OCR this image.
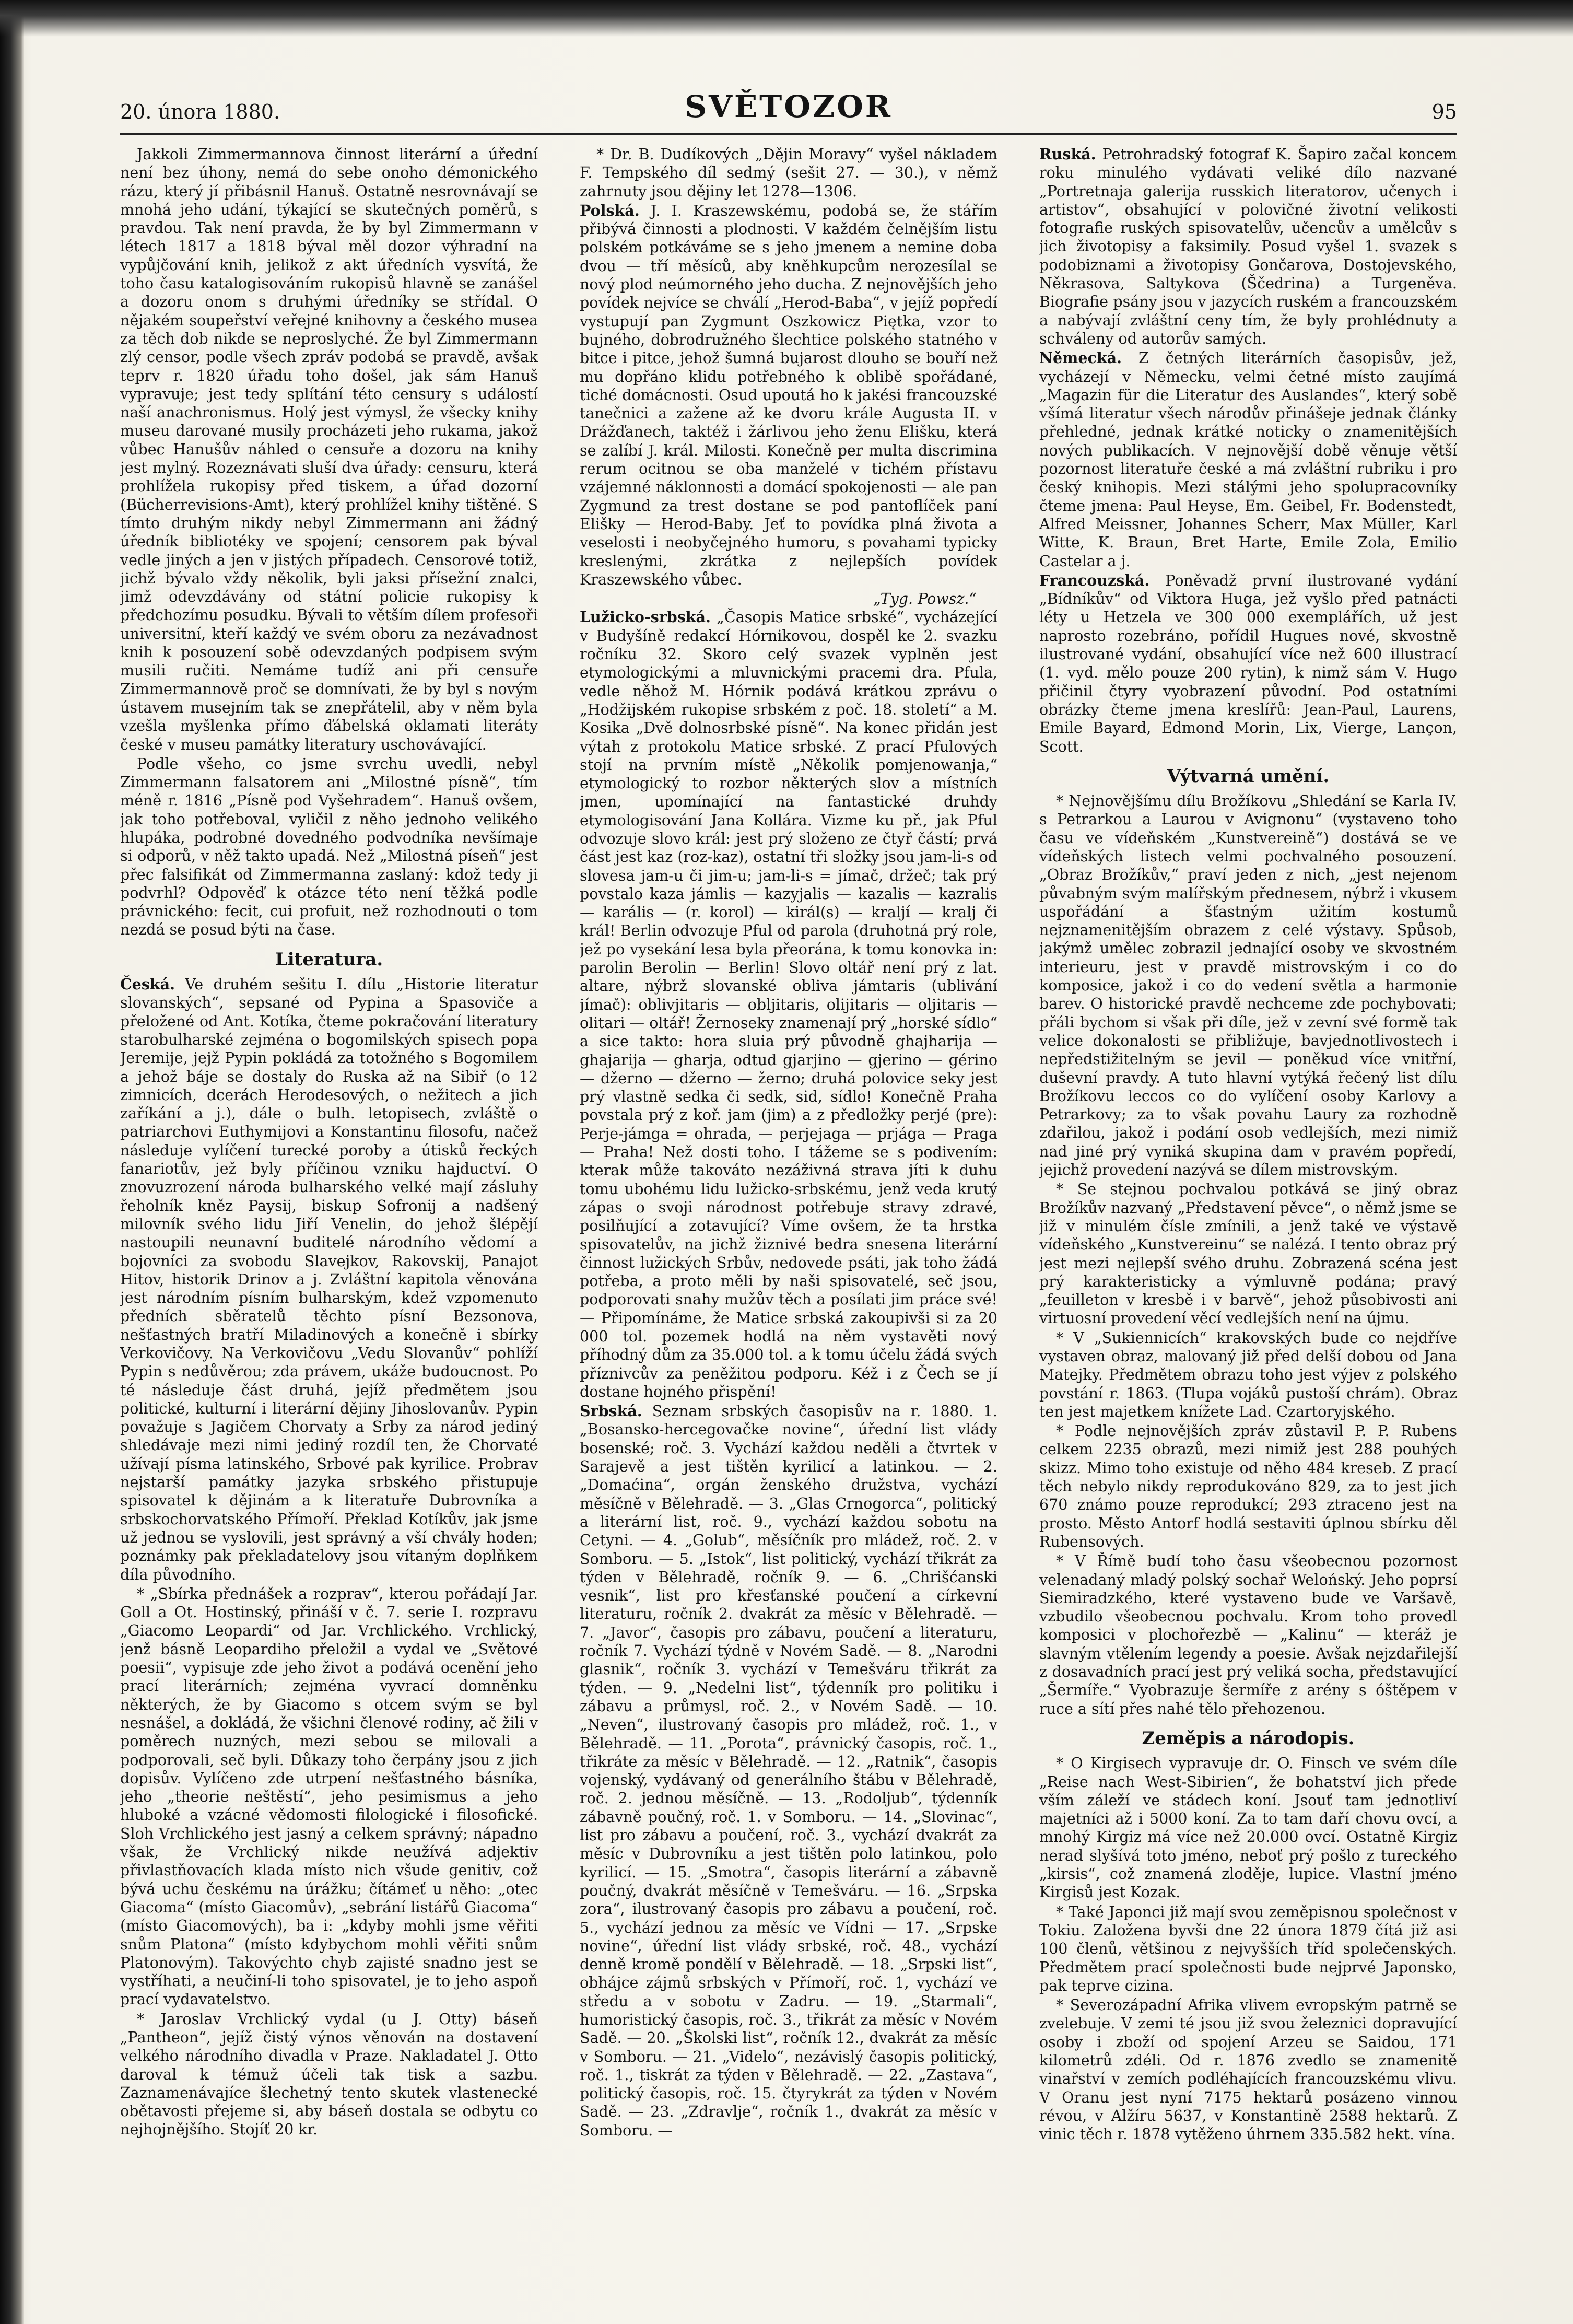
20. února 1880.	SVĚTOZOR	95

Jakkoli Zimmermannova činnost literární a úřední není bez úhony, nemá do sebe onoho démonického rázu, který jí přibásnil Hanuš. Ostatně nesrovnávají se mnohá jeho udání, týkající se skutečných poměrů, s pravdou. Tak není pravda, že by byl Zimmermann v létech 1817 a 1818 býval měl dozor výhradní na vypůjčování knih, jelikož z akt úředních vysvítá, že toho času katalogisováním rukopisů hlavně se zanášel a dozoru onom s druhými úředníky se střídal. O nějakém soupeřství veřejné knihovny a českého musea za těch dob nikde se neproslyché. Že byl Zimmermann zlý censor, podle všech zpráv podobá se pravdě, avšak teprv r. 1820 úřadu toho došel, jak sám Hanuš vypravuje; jest tedy splítání této censury s událostí naší anachronismus. Holý jest výmysl, že všecky knihy museu darované musily procházeti jeho rukama, jakož vůbec Hanušův náhled o censuře a dozoru na knihy jest mylný. Rozeznávati sluší dva úřady: censuru, která prohlížela rukopisy před tiskem, a úřad dozorní (Bücherrevisions-Amt), který prohlížel knihy tištěné. S tímto druhým nikdy nebyl Zimmermann ani žádný úředník bibliotéky ve spojení; censorem pak býval vedle jiných a jen v jistých případech. Censorové totiž, jichž bývalo vždy několik, byli jaksi přísežní znalci, jimž odevzdávány od státní policie rukopisy k předchozímu posudku. Bývali to větším dílem profesoři universitní, kteří každý ve svém oboru za nezávadnost knih k posouzení sobě odevzdaných podpisem svým musili ručiti. Nemáme tudíž ani při censuře Zimmermannově proč se domnívati, že by byl s novým ústavem musejním tak se znepřátelil, aby v něm byla vzešla myšlenka přímo ďábelská oklamati literáty české v museu památky literatury uschovávající.

Podle všeho, co jsme svrchu uvedli, nebyl Zimmermann falsatorem ani „Milostné písně“, tím méně r. 1816 „Písně pod Vyšehradem“. Hanuš ovšem, jak toho potřeboval, vyličil z něho jednoho velikého hlupáka, podrobné dovedného podvodníka nevšímaje si odporů, v něž takto upadá. Než „Milostná píseň“ jest přec falsifikát od Zimmermanna zaslaný: kdož tedy ji podvrhl? Odpověď k otázce této není těžká podle právnického: fecit, cui profuit, než rozhodnouti o tom nezdá se posud býti na čase.

Literatura.

Česká. Ve druhém sešitu I. dílu „Historie literatur slovanských“, sepsané od Pypina a Spasoviče a přeložené od Ant. Kotíka, čteme pokračování literatury starobulharské zejména o bogomilských spisech popa Jeremije, jejž Pypin pokládá za totožného s Bogomilem a jehož báje se dostaly do Ruska až na Sibiř (o 12 zimnicích, dcerách Herodesových, o nežitech a jich zaříkání a j.), dále o bulh. letopisech, zvláště o patriarchovi Euthymijovi a Konstantinu filosofu, načež následuje vylíčení turecké poroby a útisků řeckých fanariotův, jež byly příčinou vzniku hajductví. O znovuzrození národa bulharského velké mají zásluhy řeholník kněz Paysij, biskup Sofronij a nadšený milovník svého lidu Jiří Venelin, do jehož šlépějí nastoupili neunavní buditelé národního vědomí a bojovníci za svobodu Slavejkov, Rakovskij, Panajot Hitov, historik Drinov a j. Zvláštní kapitola věnována jest národním písním bulharským, kdež vzpomenuto předních sběratelů těchto písní Bezsonova, nešťastných bratří Miladinových a konečně i sbírky Verkovičovy. Na Verkovičovu „Vedu Slovanův“ pohlíží Pypin s nedůvěrou; zda právem, ukáže budoucnost. Po té následuje část druhá, jejíž předmětem jsou politické, kulturní i literární dějiny Jihoslovanův. Pypin považuje s Jagičem Chorvaty a Srby za národ jediný shledávaje mezi nimi jediný rozdíl ten, že Chorvaté užívají písma latinského, Srbové pak kyrilice. Probrav nejstarší památky jazyka srbského přistupuje spisovatel k dějinám a k literatuře Dubrovníka a srbskochorvatského Přímoří. Překlad Kotíkův, jak jsme už jednou se vyslovili, jest správný a vší chvály hoden; poznámky pak překladatelovy jsou vítaným doplňkem díla původního.

* „Sbírka přednášek a rozprav“, kterou pořádají Jar. Goll a Ot. Hostinský, přináší v č. 7. serie I. rozpravu „Giacomo Leopardi“ od Jar. Vrchlického. Vrchlický, jenž básně Leopardiho přeložil a vydal ve „Světové poesii“, vypisuje zde jeho život a podává ocenění jeho prací literárních; zejména vyvrací domněnku některých, že by Giacomo s otcem svým se byl nesnášel, a dokládá, že všichni členové rodiny, ač žili v poměrech nuzných, mezi sebou se milovali a podporovali, seč byli. Důkazy toho čerpány jsou z jich dopisův. Vylíčeno zde utrpení nešťastného básníka, jeho „theorie neštěstí“, jeho pesimismus a jeho hluboké a vzácné vědomosti filologické i filosofické. Sloh Vrchlického jest jasný a celkem správný; nápadno však, že Vrchlický nikde neužívá adjektiv přivlastňovacích klada místo nich všude genitiv, což bývá uchu českému na úrážku; čítámeť u něho: „otec Giacoma“ (místo Giacomův), „sebrání listářů Giacoma“ (místo Giacomových), ba i: „kdyby mohli jsme věřiti snům Platona“ (místo kdybychom mohli věřiti snům Platonovým). Takovýchto chyb zajisté snadno jest se vystříhati, a neučiní-li toho spisovatel, je to jeho aspoň prací vydavatelstvo.

* Jaroslav Vrchlický vydal (u J. Otty) báseň „Pantheon“, jejíž čistý výnos věnován na dostavení velkého národního divadla v Praze. Nakladatel J. Otto daroval k témuž účeli tak tisk a sazbu. Zaznamenávajíce šlechetný tento skutek vlastenecké obětavosti přejeme si, aby báseň dostala se odbytu co nejhojnějšího. Stojíť 20 kr.

* Dr. B. Dudíkových „Dějin Moravy“ vyšel nákladem F. Tempského díl sedmý (sešit 27. — 30.), v němž zahrnuty jsou dějiny let 1278—1306.

Polská. J. I. Kraszewskému, podobá se, že stářím přibývá činnosti a plodnosti. V každém čelnějším listu polském potkáváme se s jeho jmenem a nemine doba dvou — tří měsíců, aby kněhkupcům nerozesílal se nový plod neúmorného jeho ducha. Z nejnovějších jeho povídek nejvíce se chválí „Herod-Baba“, v jejíž popředí vystupují pan Zygmunt Oszkowicz Piętka, vzor to bujného, dobrodružného šlechtice polského statného v bitce i pitce, jehož šumná bujarost dlouho se bouří než mu dopřáno klidu potřebného k oblibě spořádané, tiché domácnosti. Osud upoutá ho k jakési francouzské tanečnici a zažene až ke dvoru krále Augusta II. v Drážďanech, taktéž i žárlivou jeho ženu Elišku, která se zalíbí J. král. Milosti. Konečně per multa discrimina rerum ocitnou se oba manželé v tichém přístavu vzájemné náklonnosti a domácí spokojenosti — ale pan Zygmund za trest dostane se pod pantoflíček paní Elišky — Herod-Baby. Jeť to povídka plná života a veselosti i neobyčejného humoru, s povahami typicky kreslenými, zkrátka z nejlepších povídek Kraszewského vůbec.

„Tyg. Powsz.“

Lužicko-srbská. „Časopis Matice srbské“, vycházející v Budyšíně redakcí Hórnikovou, dospěl ke 2. svazku ročníku 32. Skoro celý svazek vyplněn jest etymologickými a mluvnickými pracemi dra. Pfula, vedle něhož M. Hórnik podává krátkou zprávu o „Hodžijském rukopise srbském z poč. 18. století“ a M. Kosika „Dvě dolnosrbské písně“. Na konec přidán jest výtah z protokolu Matice srbské. Z prací Pfulových stojí na prvním místě „Několik pomjenowanja,“ etymologický to rozbor některých slov a místních jmen, upomínající na fantastické druhdy etymologisování Jana Kollára. Vizme ku př., jak Pful odvozuje slovo král: jest prý složeno ze čtyř částí; prvá část jest kaz (roz-kaz), ostatní tři složky jsou jam-li-s od slovesa jam-u či jim-u; jam-li-s = jímač, držeč; tak prý povstalo kaza jámlis — kazyjalis — kazalis — kazralis — karális — (r. korol) — királ(s) — kraljí — kralj či král! Berlin odvozuje Pful od parola (druhotná prý role, jež po vysekání lesa byla přeorána, k tomu konovka in: parolin Berolin — Berlin! Slovo oltář není prý z lat. altare, nýbrž slovanské obliva jámtaris (ublivání jímač): oblivjitaris — obljitaris, olijitaris — oljitaris — olitari — oltář! Žernoseky znamenají prý „horské sídlo“ a sice takto: hora sluia prý původně ghajharija — ghajarija — gharja, odtud gjarjino — gjerino — gérino — džerno — džerno — žerno; druhá polovice seky jest prý vlastně sedka či sedk, sid, sídlo! Konečně Praha povstala prý z koř. jam (jim) a z předložky perjé (pre): Perje-jámga = ohrada, — perjejaga — prjága — Praga — Praha! Než dosti toho. I tážeme se s podivením: kterak může takováto nezáživná strava jíti k duhu tomu ubohému lidu lužicko-srbskému, jenž veda krutý zápas o svoji národnost potřebuje stravy zdravé, posilňující a zotavující? Víme ovšem, že ta hrstka spisovatelův, na jichž žiznivé bedra snesena literární činnost lužických Srbův, nedovede psáti, jak toho žádá potřeba, a proto měli by naši spisovatelé, seč jsou, podporovati snahy mužův těch a posílati jim práce své! — Připomínáme, že Matice srbská zakoupivši si za 20 000 tol. pozemek hodlá na něm vystavěti nový příhodný dům za 35.000 tol. a k tomu účelu žádá svých příznivcův za peněžitou podporu. Kéž i z Čech se jí dostane hojného přispění!

Srbská. Seznam srbských časopisův na r. 1880. 1. „Bosansko-hercegovačke novine“, úřední list vlády bosenské; roč. 3. Vychází každou neděli a čtvrtek v Sarajevě a jest tištěn kyrilicí a latinkou. — 2. „Domaćina“, orgán ženského družstva, vychází měsíčně v Bělehradě. — 3. „Glas Crnogorca“, politický a literární list, roč. 9., vychází každou sobotu na Cetyni. — 4. „Golub“, měsíčník pro mládež, roč. 2. v Somboru. — 5. „Istok“, list politický, vychází třikrát za týden v Bělehradě, ročník 9. — 6. „Chrišćanski vesnik“, list pro křesťanské poučení a církevní literaturu, ročník 2. dvakrát za měsíc v Bělehradě. — 7. „Javor“, časopis pro zábavu, poučení a literaturu, ročník 7. Vychází týdně v Novém Sadě. — 8. „Narodni glasnik“, ročník 3. vychází v Temešváru třikrát za týden. — 9. „Nedelni list“, týdenník pro politiku i zábavu a průmysl, roč. 2., v Novém Sadě. — 10. „Neven“, ilustrovaný časopis pro mládež, roč. 1., v Bělehradě. — 11. „Porota“, právnický časopis, roč. 1., třikráte za měsíc v Bělehradě. — 12. „Ratnik“, časopis vojenský, vydávaný od generálního štábu v Bělehradě, roč. 2. jednou měsíčně. — 13. „Rodoljub“, týdenník zábavně poučný, roč. 1. v Somboru. — 14. „Slovinac“, list pro zábavu a poučení, roč. 3., vychází dvakrát za měsíc v Dubrovníku a jest tištěn polo latinkou, polo kyrilicí. — 15. „Smotra“, časopis literární a zábavně poučný, dvakrát měsíčně v Temešváru. — 16. „Srpska zora“, ilustrovaný časopis pro zábavu a poučení, roč. 5., vychází jednou za měsíc ve Vídni — 17. „Srpske novine“, úřední list vlády srbské, roč. 48., vychází denně kromě pondělí v Bělehradě. — 18. „Srpski list“, obhájce zájmů srbských v Přímoří, roč. 1, vychází ve středu a v sobotu v Zadru. — 19. „Starmali“, humoristický časopis, roč. 3., třikrát za měsíc v Novém Sadě. — 20. „Školski list“, ročník 12., dvakrát za měsíc v Somboru. — 21. „Videlo“, nezávislý časopis politický, roč. 1., tiskrát za týden v Bělehradě. — 22. „Zastava“, politický časopis, roč. 15. čtyrykrát za týden v Novém Sadě. — 23. „Zdravlje“, ročník 1., dvakrát za měsíc v Somboru. —

Ruská. Petrohradský fotograf K. Šapiro začal koncem roku minulého vydávati veliké dílo nazvané „Portretnaja galerija russkich literatorov, učenych i artistov“, obsahující v polovičné životní velikosti fotografie ruských spisovatelův, učencův a umělcův s jich životopisy a faksimily. Posud vyšel 1. svazek s podobiznami a životopisy Gončarova, Dostojevského, Někrasova, Saltykova (Ščedrina) a Turgeněva. Biografie psány jsou v jazycích ruském a francouzském a nabývají zvláštní ceny tím, že byly prohlédnuty a schváleny od autorův samých.

Německá. Z četných literárních časopisův, jež, vycházejí v Německu, velmi četné místo zaujímá „Magazin für die Literatur des Auslandes“, který sobě všímá literatur všech národův přinášeje jednak články přehledné, jednak krátké noticky o znamenitějších nových publikacích. V nejnovější době věnuje větší pozornost literatuře české a má zvláštní rubriku i pro český knihopis. Mezi stálými jeho spolupracovníky čteme jmena: Paul Heyse, Em. Geibel, Fr. Bodenstedt, Alfred Meissner, Johannes Scherr, Max Müller, Karl Witte, K. Braun, Bret Harte, Emile Zola, Emilio Castelar a j.

Francouzská. Poněvadž první ilustrované vydání „Bídníkův“ od Viktora Huga, jež vyšlo před patnácti léty u Hetzela ve 300 000 exemplářích, už jest naprosto rozebráno, pořídil Hugues nové, skvostně ilustrované vydání, obsahující více než 600 illustrací (1. vyd. mělo pouze 200 rytin), k nimž sám V. Hugo přičinil čtyry vyobrazení původní. Pod ostatními obrázky čteme jmena kreslířů: Jean-Paul, Laurens, Emile Bayard, Edmond Morin, Lix, Vierge, Lançon, Scott.

Výtvarná umění.

* Nejnovějšímu dílu Brožíkovu „Shledání se Karla IV. s Petrarkou a Laurou v Avignonu“ (vystaveno toho času ve vídeňském „Kunstvereině“) dostává se ve vídeňských listech velmi pochvalného posouzení. „Obraz Brožíkův,“ praví jeden z nich, „jest nejenom půvabným svým malířským přednesem, nýbrž i vkusem uspořádání a šťastným užitím kostumů nejznamenitějším obrazem z celé výstavy. Spůsob, jakýmž umělec zobrazil jednající osoby ve skvostném interieuru, jest v pravdě mistrovským i co do komposice, jakož i co do vedení světla a harmonie barev. O historické pravdě nechceme zde pochybovati; přáli bychom si však při díle, jež v zevní své formě tak velice dokonalosti se přibližuje, bavjednotlivostech i nepředstižitelným se jevil — poněkud více vnitřní, duševní pravdy. A tuto hlavní vytýká řečený list dílu Brožíkovu leccos co do vylíčení osoby Karlovy a Petrarkovy; za to však povahu Laury za rozhodně zdařilou, jakož i podání osob vedlejších, mezi nimiž nad jiné prý vyniká skupina dam v pravém popředí, jejichž provedení nazývá se dílem mistrovským.

* Se stejnou pochvalou potkává se jiný obraz Brožíkův nazvaný „Představení pěvce“, o němž jsme se již v minulém čísle zmínili, a jenž také ve výstavě vídeňského „Kunstvereinu“ se nalézá. I tento obraz prý jest mezi nejlepší svého druhu. Zobrazená scéna jest prý karakteristicky a výmluvně podána; pravý „feuilleton v kresbě i v barvě“, jehož působivosti ani virtuosní provedení věcí vedlejších není na újmu.

* V „Sukiennicích“ krakovských bude co nejdříve vystaven obraz, malovaný již před delší dobou od Jana Matejky. Předmětem obrazu toho jest výjev z polského povstání r. 1863. (Tlupa vojáků pustoší chrám). Obraz ten jest majetkem knížete Lad. Czartoryjského.

* Podle nejnovějších zpráv zůstavil P. P. Rubens celkem 2235 obrazů, mezi nimiž jest 288 pouhých skizz. Mimo toho existuje od něho 484 kreseb. Z prací těch nebylo nikdy reprodukováno 829, za to jest jich 670 známo pouze reprodukcí; 293 ztraceno jest na prosto. Město Antorf hodlá sestaviti úplnou sbírku děl Rubensových.

* V Římě budí toho času všeobecnou pozornost velenadaný mladý polský sochař Welońský. Jeho poprsí Siemiradzkého, které vystaveno bude ve Varšavě, vzbudilo všeobecnou pochvalu. Krom toho provedl komposici v plochořezbě — „Kalinu“ — kteráž je slavným vtělením legendy a poesie. Avšak nejzdařilejší z dosavadních prací jest prý veliká socha, představující „Šermíře.“ Vyobrazuje šermíře z arény s óštěpem v ruce a sítí přes nahé tělo přehozenou.

Zeměpis a národopis.

* O Kirgisech vypravuje dr. O. Finsch ve svém díle „Reise nach West-Sibirien“, že bohatství jich přede vším záleží ve stádech koní. Jsouť tam jednotliví majetníci až i 5000 koní. Za to tam daří chovu ovcí, a mnohý Kirgiz má více než 20.000 ovcí. Ostatně Kirgiz nerad slyšívá toto jméno, neboť prý pošlo z tureckého „kirsis“, což znamená zloděje, lupice. Vlastní jméno Kirgisů jest Kozak.

* Také Japonci již mají svou zeměpisnou společnost v Tokiu. Založena byvši dne 22 února 1879 čítá již asi 100 členů, většinou z nejvyšších tříd společenských. Předmětem prací společnosti bude nejprvé Japonsko, pak teprve cizina.

* Severozápadní Afrika vlivem evropským patrně se zvelebuje. V zemi té jsou již svou železnici dopravující osoby i zboží od spojení Arzeu se Saidou, 171 kilometrů zdéli. Od r. 1876 zvedlo se znamenitě vinařství v zemích podléhajících francouzskému vlivu. V Oranu jest nyní 7175 hektarů posázeno vinnou révou, v Alžíru 5637, v Konstantině 2588 hektarů. Z vinic těch r. 1878 vytěženo úhrnem 335.582 hekt. vína.
